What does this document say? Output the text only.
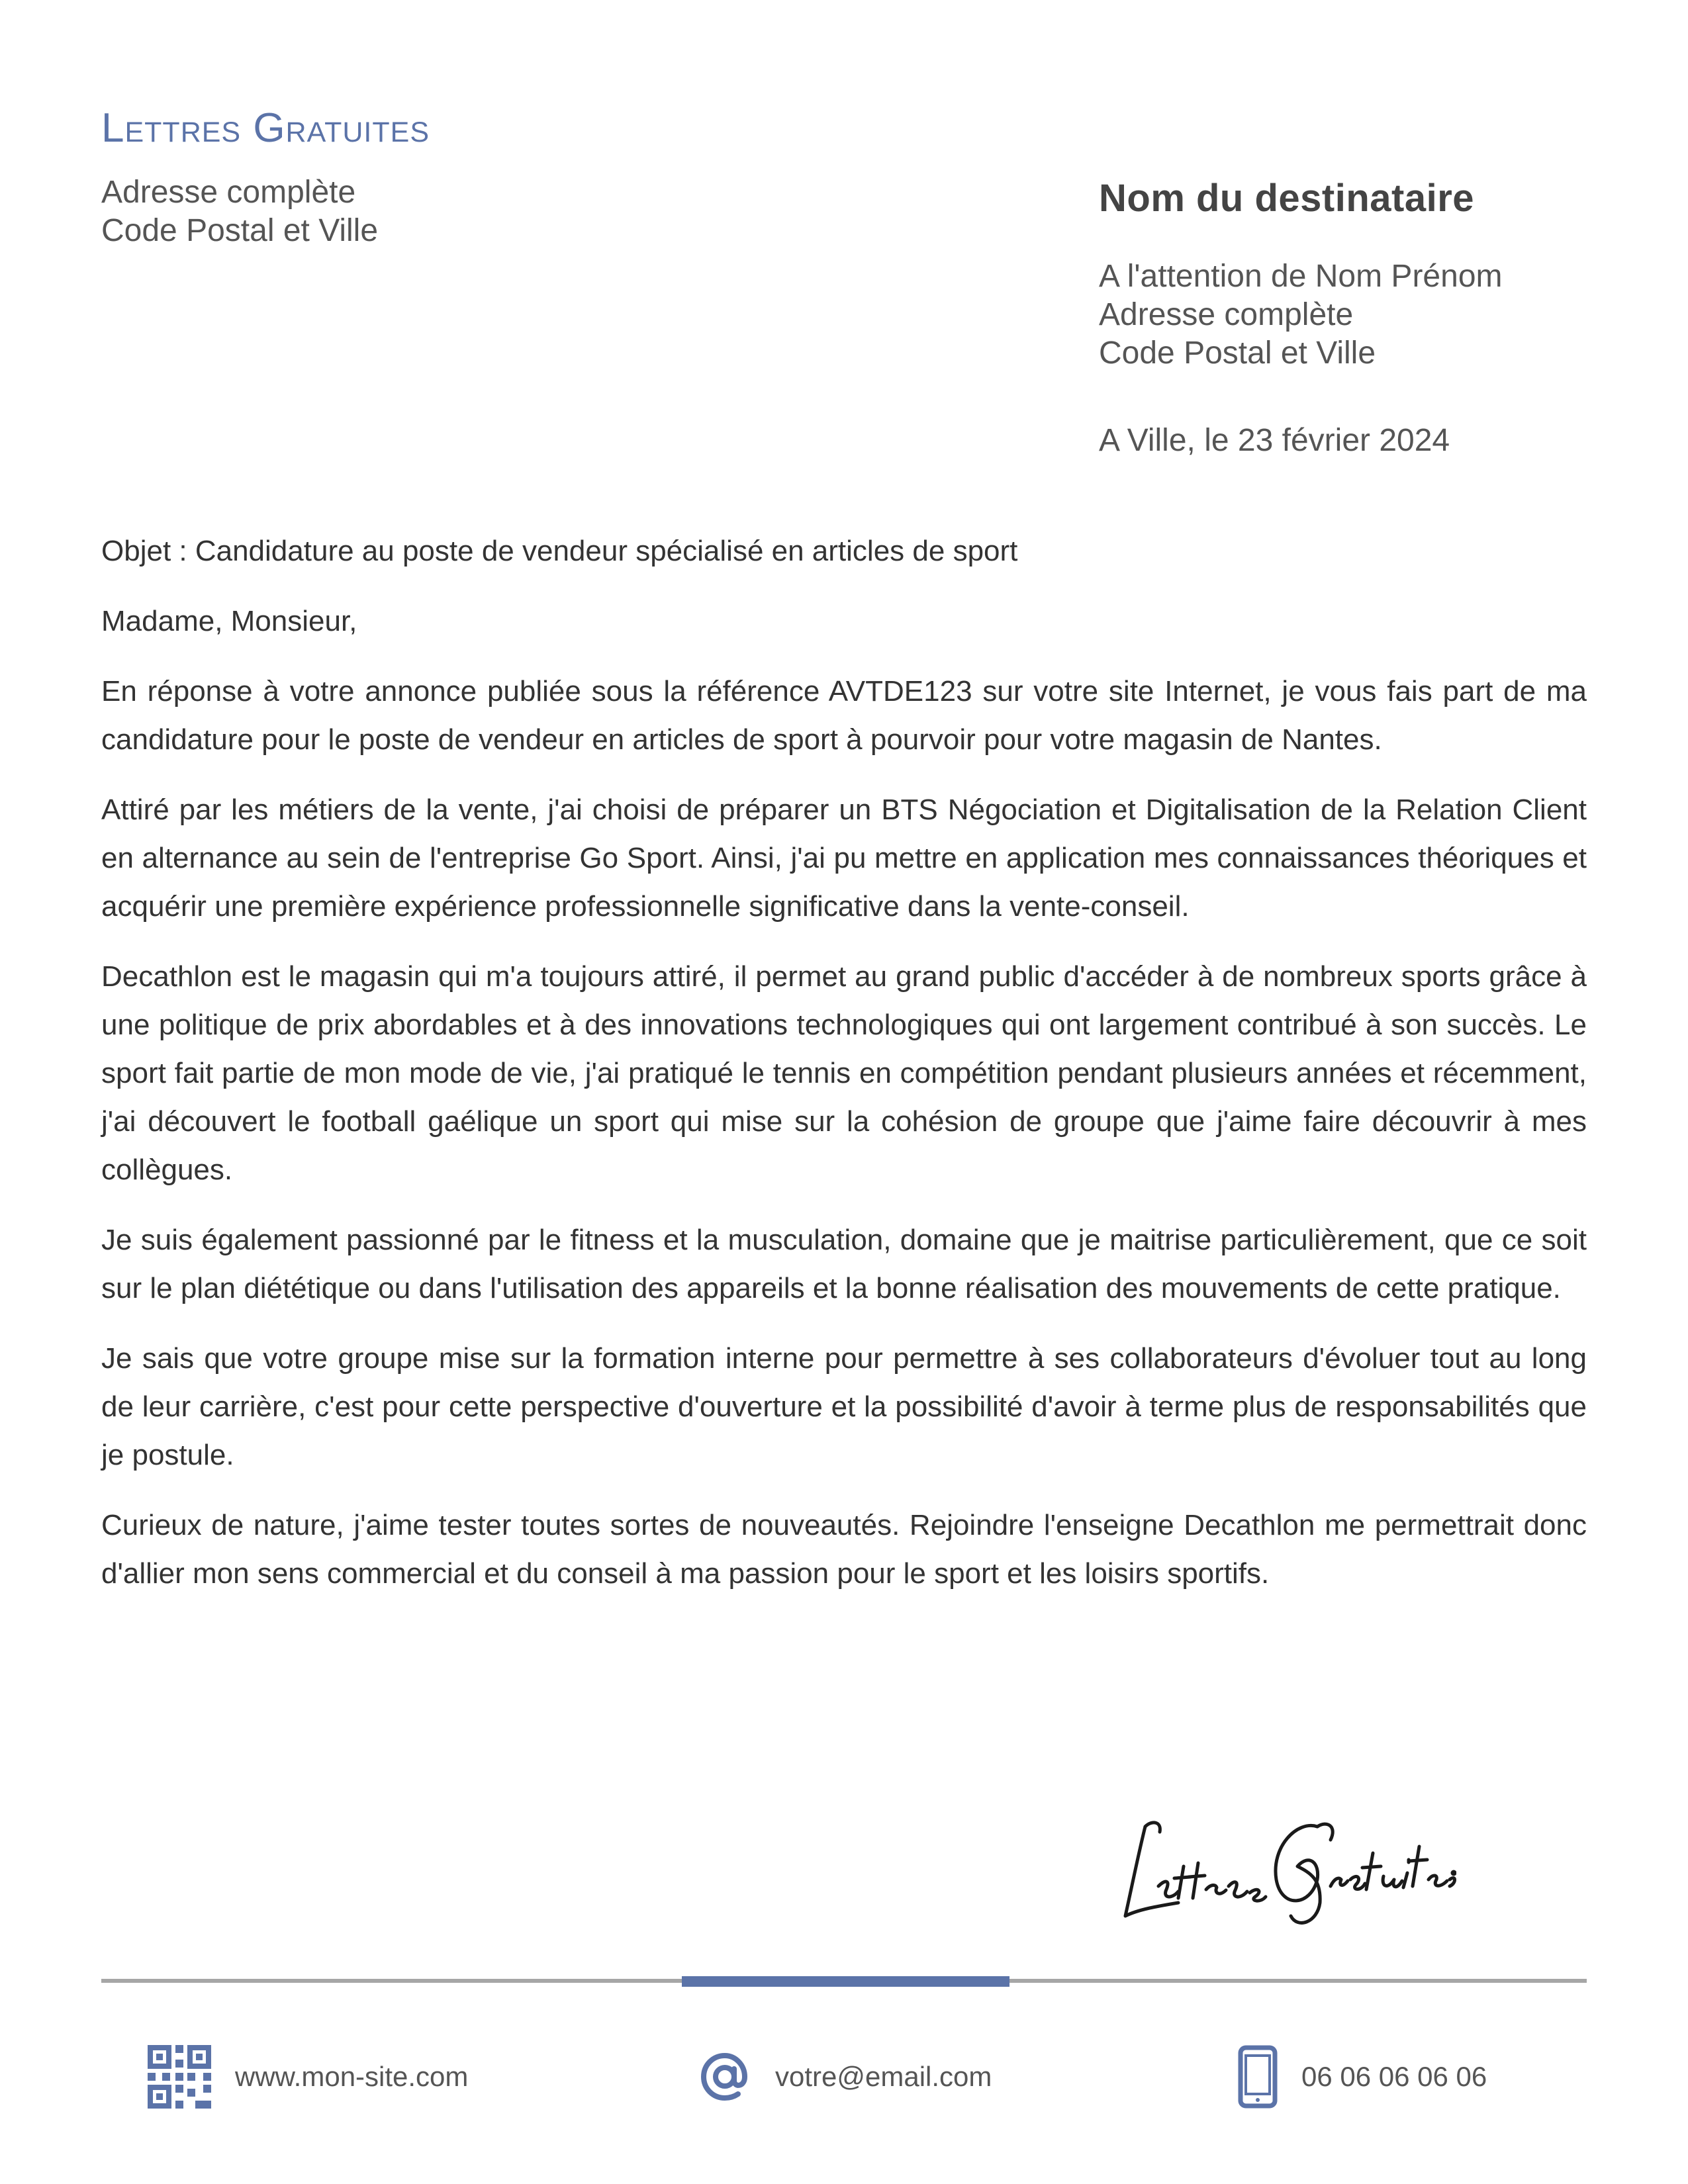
Lettres Gratuites
Adresse complète
Code Postal et Ville
Nom du destinataire
A l'attention de Nom Prénom
Adresse complète
Code Postal et Ville
A Ville, le 23 février 2024

Objet : Candidature au poste de vendeur spécialisé en articles de sport

Madame, Monsieur,

En réponse à votre annonce publiée sous la référence AVTDE123 sur votre site Internet, je vous fais part de ma candidature pour le poste de vendeur en articles de sport à pourvoir pour votre magasin de Nantes.

Attiré par les métiers de la vente, j'ai choisi de préparer un BTS Négociation et Digitalisation de la Relation Client en alternance au sein de l'entreprise Go Sport. Ainsi, j'ai pu mettre en application mes connaissances théoriques et acquérir une première expérience professionnelle significative dans la vente-conseil.

Decathlon est le magasin qui m'a toujours attiré, il permet au grand public d'accéder à de nombreux sports grâce à une politique de prix abordables et à des innovations technologiques qui ont largement contribué à son succès. Le sport fait partie de mon mode de vie, j'ai pratiqué le tennis en compétition pendant plusieurs années et récemment, j'ai découvert le football gaélique un sport qui mise sur la cohésion de groupe que j'aime faire découvrir à mes collègues.

Je suis également passionné par le fitness et la musculation, domaine que je maitrise particulièrement, que ce soit sur le plan diététique ou dans l'utilisation des appareils et la bonne réalisation des mouvements de cette pratique.

Je sais que votre groupe mise sur la formation interne pour permettre à ses collaborateurs d'évoluer tout au long de leur carrière, c'est pour cette perspective d'ouverture et la possibilité d'avoir à terme plus de responsabilités que je postule.

Curieux de nature, j'aime tester toutes sortes de nouveautés. Rejoindre l'enseigne Decathlon me permettrait donc d'allier mon sens commercial et du conseil à ma passion pour le sport et les loisirs sportifs.

www.mon-site.com	votre@email.com	06 06 06 06 06
